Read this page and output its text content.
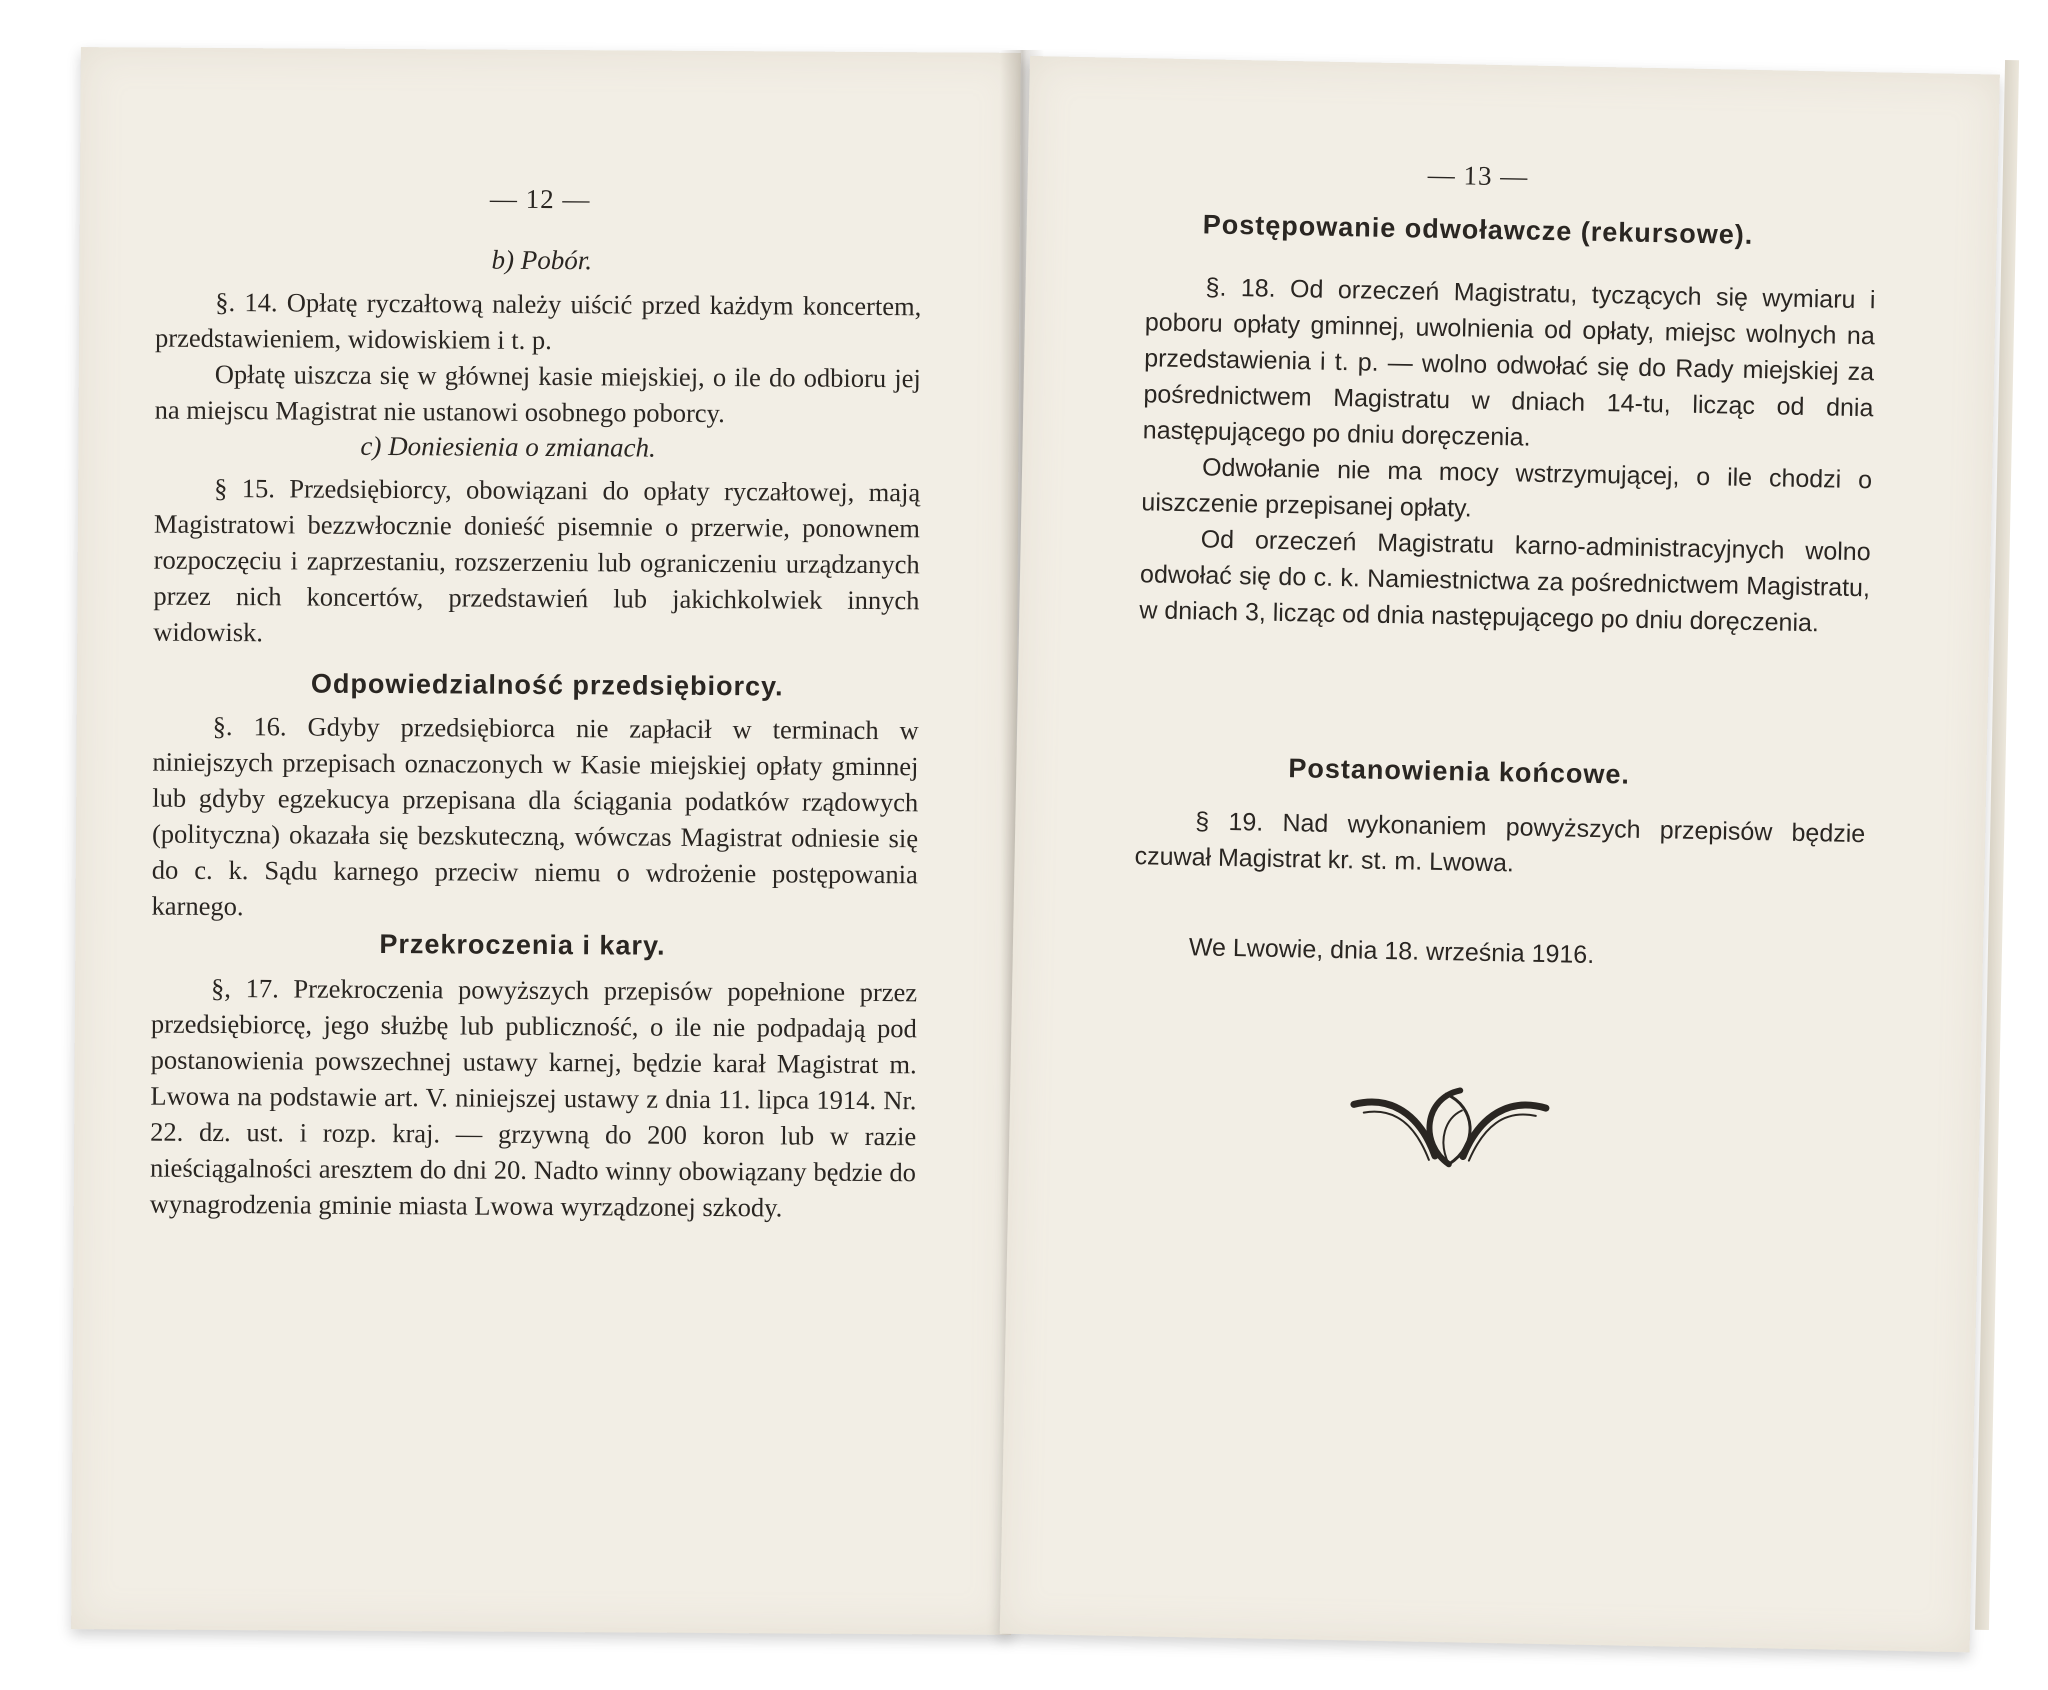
— 12 —
b) Pobór.

§. 14. Opłatę ryczałtową należy uiścić przed każdym koncertem, przedstawieniem, widowiskiem i t. p.

Opłatę uiszcza się w głównej kasie miejskiej, o ile do odbioru jej na miejscu Magistrat nie ustanowi osobnego poborcy.

c) Doniesienia o zmianach.

§ 15. Przedsiębiorcy, obowiązani do opłaty ryczałtowej, mają Magistratowi bezzwłocznie donieść pisemnie o przerwie, ponownem rozpoczęciu i zaprzestaniu, rozszerzeniu lub ograniczeniu urządzanych przez nich koncertów, przedstawień lub jakichkolwiek innych widowisk.

Odpowiedzialność przedsiębiorcy.

§. 16. Gdyby przedsiębiorca nie zapłacił w terminach w niniejszych przepisach oznaczonych w Kasie miejskiej opłaty gminnej lub gdyby egzekucya przepisana dla ściągania podatków rządowych (polityczna) okazała się bezskuteczną, wówczas Magistrat odniesie się do c. k. Sądu karnego przeciw niemu o wdrożenie postępowania karnego.

Przekroczenia i kary.

§, 17. Przekroczenia powyższych przepisów popełnione przez przedsiębiorcę, jego służbę lub publiczność, o ile nie podpadają pod postanowienia powszechnej ustawy karnej, będzie karał Magistrat m. Lwowa na podstawie art. V. niniejszej ustawy z dnia 11. lipca 1914. Nr. 22. dz. ust. i rozp. kraj. — grzywną do 200 koron lub w razie nieściągalności aresztem do dni 20. Nadto winny obowiązany będzie do wynagrodzenia gminie miasta Lwowa wyrządzonej szkody.

— 13 —
Postępowanie odwoławcze (rekursowe).

§. 18. Od orzeczeń Magistratu, tyczących się wymiaru i poboru opłaty gminnej, uwolnienia od opłaty, miejsc wolnych na przedstawienia i t. p. — wolno odwołać się do Rady miejskiej za pośrednictwem Magistratu w dniach 14-tu, licząc od dnia następującego po dniu doręczenia.

Odwołanie nie ma mocy wstrzymującej, o ile chodzi o uiszczenie przepisanej opłaty.

Od orzeczeń Magistratu karno-administracyjnych wolno odwołać się do c. k. Namiestnictwa za pośrednictwem Magistratu, w dniach 3, licząc od dnia następującego po dniu doręczenia.

Postanowienia końcowe.

§ 19. Nad wykonaniem powyższych przepisów będzie czuwał Magistrat kr. st. m. Lwowa.

We Lwowie, dnia 18. września 1916.
